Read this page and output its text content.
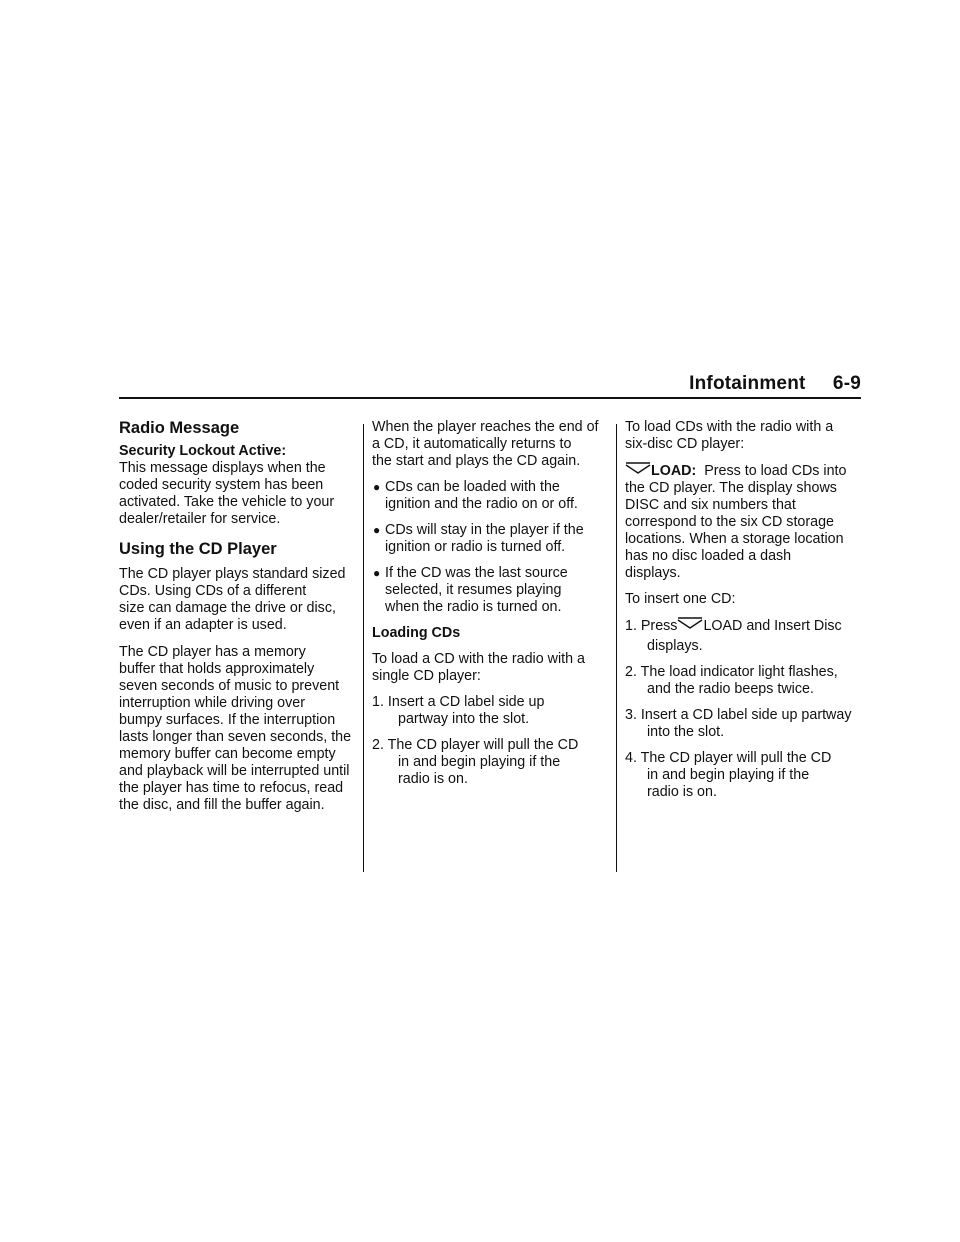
Infotainment     6-9

Radio Message

Security Lockout Active:

This message displays when the

coded security system has been

activated. Take the vehicle to your

dealer/retailer for service.

Using the CD Player

The CD player plays standard sized

CDs. Using CDs of a different

size can damage the drive or disc,

even if an adapter is used.

The CD player has a memory

buffer that holds approximately

seven seconds of music to prevent

interruption while driving over

bumpy surfaces. If the interruption

lasts longer than seven seconds, the

memory buffer can become empty

and playback will be interrupted until

the player has time to refocus, read

the disc, and fill the buffer again.

When the player reaches the end of

a CD, it automatically returns to

the start and plays the CD again.

● CDs can be loaded with the

ignition and the radio on or off.

● CDs will stay in the player if the

ignition or radio is turned off.

● If the CD was the last source

selected, it resumes playing

when the radio is turned on.

Loading CDs

To load a CD with the radio with a

single CD player:

1. Insert a CD label side up

partway into the slot.

2. The CD player will pull the CD

in and begin playing if the

radio is on.

To load CDs with the radio with a

six-disc CD player:

LOAD: Press to load CDs into

the CD player. The display shows

DISC and six numbers that

correspond to the six CD storage

locations. When a storage location

has no disc loaded a dash

displays.

To insert one CD:

1. Press LOAD and Insert Disc

displays.

2. The load indicator light flashes,

and the radio beeps twice.

3. Insert a CD label side up partway

into the slot.

4. The CD player will pull the CD

in and begin playing if the

radio is on.
